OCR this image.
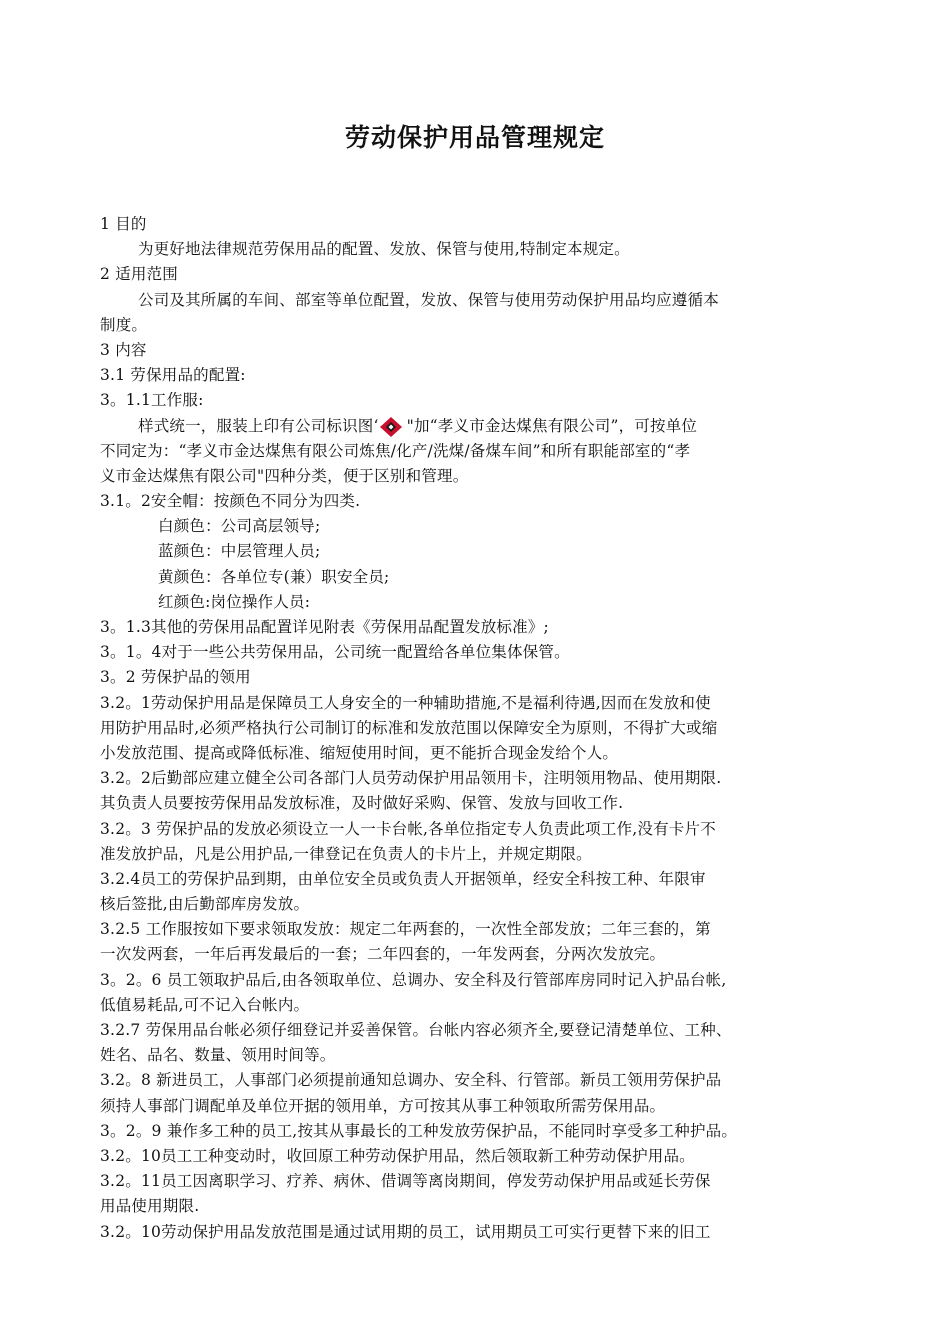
劳动保护用品管理规定
1 目的
为更好地法律规范劳保用品的配置、发放、保管与使用,特制定本规定。
2 适用范围
公司及其所属的车间、部室等单位配置，发放、保管与使用劳动保护用品均应遵循本
制度。
3 内容
3.1 劳保用品的配置:
3。1.1工作服:
样式统一，服装上印有公司标识图‘ "加“孝义市金达煤焦有限公司”，可按单位
不同定为：“孝义市金达煤焦有限公司炼焦/化产/洗煤/备煤车间”和所有职能部室的“孝
义市金达煤焦有限公司"四种分类，便于区别和管理。
3.1。2安全帽：按颜色不同分为四类.
白颜色：公司高层领导;
蓝颜色：中层管理人员;
黄颜色：各单位专(兼）职安全员;
红颜色:岗位操作人员:
3。1.3其他的劳保用品配置详见附表《劳保用品配置发放标准》;
3。1。4对于一些公共劳保用品，公司统一配置给各单位集体保管。
3。2 劳保护品的领用
3.2。1劳动保护用品是保障员工人身安全的一种辅助措施,不是福利待遇,因而在发放和使
用防护用品时,必须严格执行公司制订的标准和发放范围以保障安全为原则，不得扩大或缩
小发放范围、提高或降低标准、缩短使用时间，更不能折合现金发给个人。
3.2。2后勤部应建立健全公司各部门人员劳动保护用品领用卡，注明领用物品、使用期限.
其负责人员要按劳保用品发放标准，及时做好采购、保管、发放与回收工作.
3.2。3 劳保护品的发放必须设立一人一卡台帐,各单位指定专人负责此项工作,没有卡片不
准发放护品，凡是公用护品,一律登记在负责人的卡片上，并规定期限。
3.2.4员工的劳保护品到期，由单位安全员或负责人开据领单，经安全科按工种、年限审
核后签批,由后勤部库房发放。
3.2.5 工作服按如下要求领取发放：规定二年两套的，一次性全部发放；二年三套的，第
一次发两套，一年后再发最后的一套；二年四套的，一年发两套，分两次发放完。
3。2。6 员工领取护品后,由各领取单位、总调办、安全科及行管部库房同时记入护品台帐,
低值易耗品,可不记入台帐内。
3.2.7 劳保用品台帐必须仔细登记并妥善保管。台帐内容必须齐全,要登记清楚单位、工种、
姓名、品名、数量、领用时间等。
3.2。8 新进员工，人事部门必须提前通知总调办、安全科、行管部。新员工领用劳保护品
须持人事部门调配单及单位开据的领用单，方可按其从事工种领取所需劳保用品。
3。2。9 兼作多工种的员工,按其从事最长的工种发放劳保护品，不能同时享受多工种护品。
3.2。10员工工种变动时，收回原工种劳动保护用品，然后领取新工种劳动保护用品。
3.2。11员工因离职学习、疗养、病休、借调等离岗期间，停发劳动保护用品或延长劳保
用品使用期限.
3.2。10劳动保护用品发放范围是通过试用期的员工，试用期员工可实行更替下来的旧工
